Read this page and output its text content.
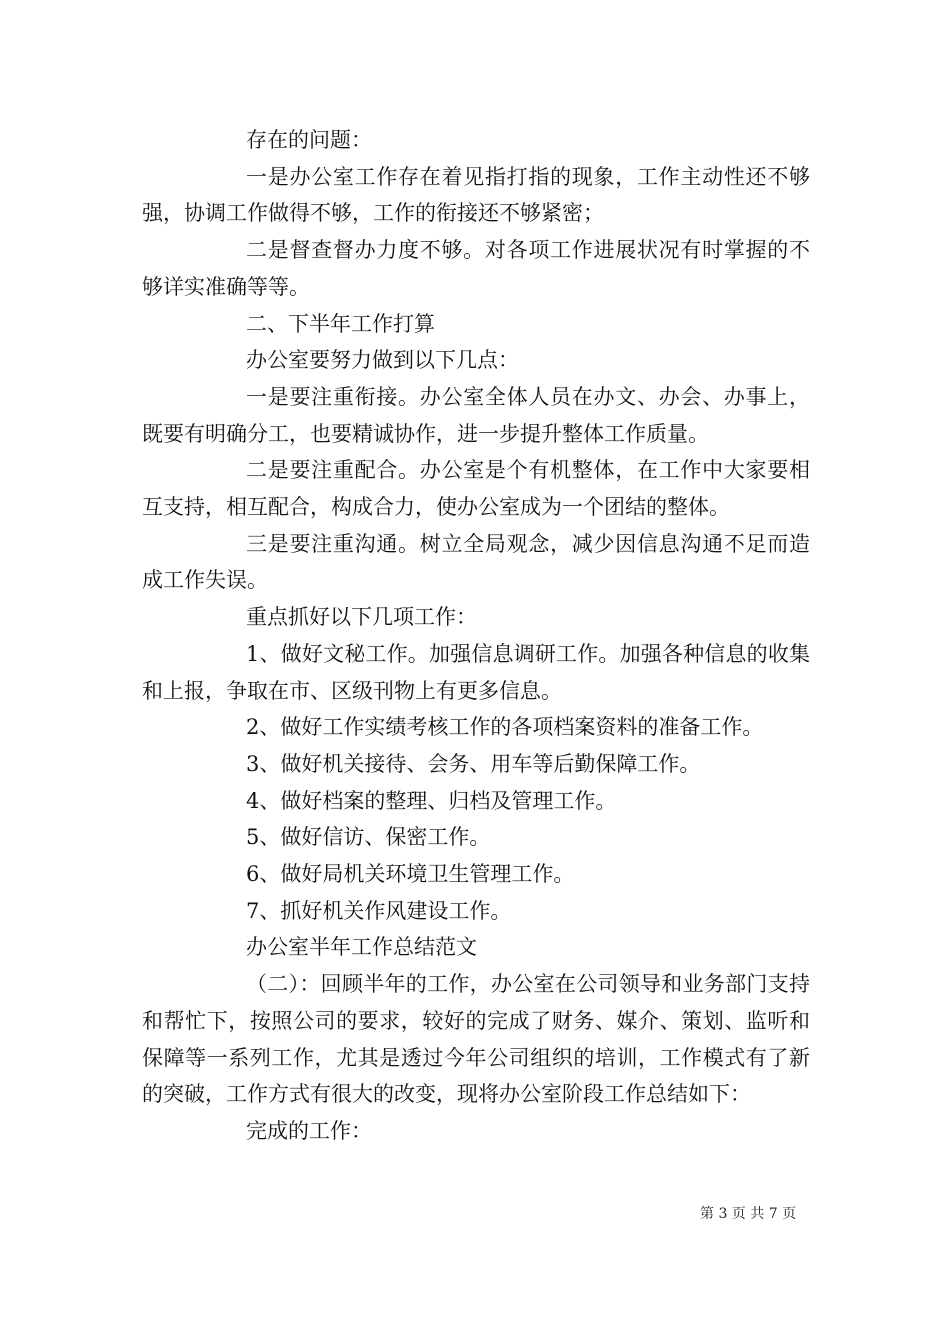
存在的问题：

一是办公室工作存在着见指打指的现象，工作主动性还不够强，协调工作做得不够，工作的衔接还不够紧密；

二是督查督办力度不够。对各项工作进展状况有时掌握的不够详实准确等等。

二、下半年工作打算

办公室要努力做到以下几点：

一是要注重衔接。办公室全体人员在办文、办会、办事上，既要有明确分工，也要精诚协作，进一步提升整体工作质量。

二是要注重配合。办公室是个有机整体，在工作中大家要相互支持，相互配合，构成合力，使办公室成为一个团结的整体。

三是要注重沟通。树立全局观念，减少因信息沟通不足而造成工作失误。

重点抓好以下几项工作：

1、做好文秘工作。加强信息调研工作。加强各种信息的收集和上报，争取在市、区级刊物上有更多信息。

2、做好工作实绩考核工作的各项档案资料的准备工作。

3、做好机关接待、会务、用车等后勤保障工作。

4、做好档案的整理、归档及管理工作。

5、做好信访、保密工作。

6、做好局机关环境卫生管理工作。

7、抓好机关作风建设工作。

办公室半年工作总结范文

（二）：回顾半年的工作，办公室在公司领导和业务部门支持和帮忙下，按照公司的要求，较好的完成了财务、媒介、策划、监听和保障等一系列工作，尤其是透过今年公司组织的培训，工作模式有了新的突破，工作方式有很大的改变，现将办公室阶段工作总结如下：

完成的工作：

第 3 页 共 7 页
